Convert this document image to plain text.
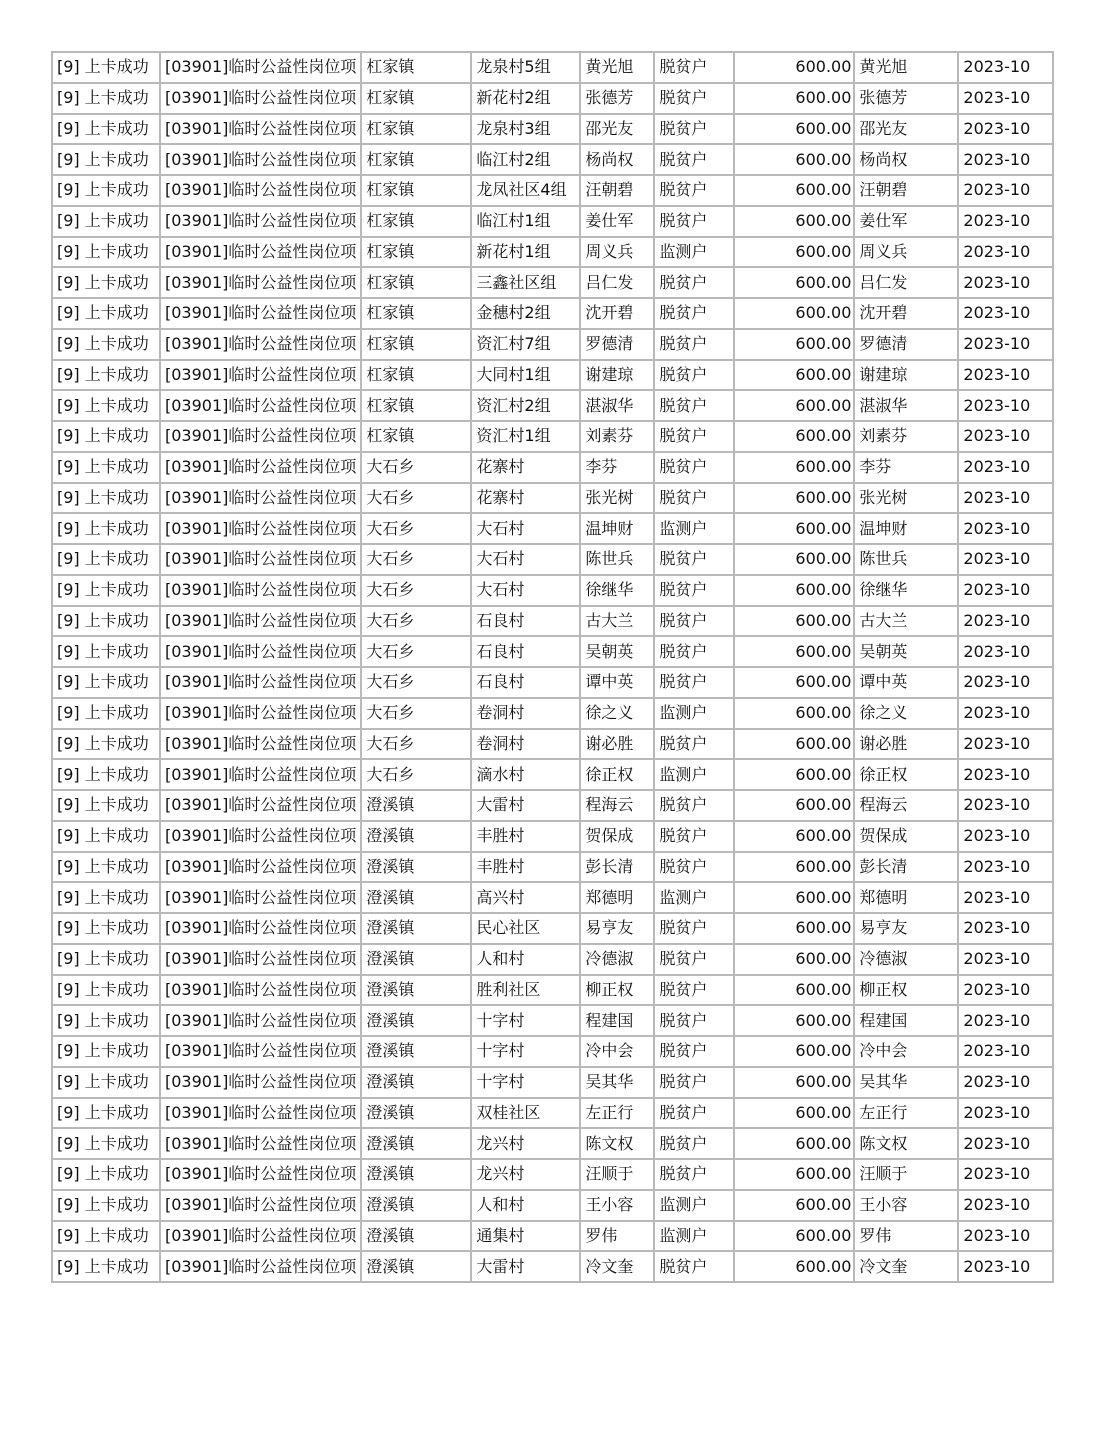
[9] 上卡成功	[03901]临时公益性岗位项	杠家镇	龙泉村5组	黄光旭	脱贫户	600.00	黄光旭	2023-10
[9] 上卡成功	[03901]临时公益性岗位项	杠家镇	新花村2组	张德芳	脱贫户	600.00	张德芳	2023-10
[9] 上卡成功	[03901]临时公益性岗位项	杠家镇	龙泉村3组	邵光友	脱贫户	600.00	邵光友	2023-10
[9] 上卡成功	[03901]临时公益性岗位项	杠家镇	临江村2组	杨尚权	脱贫户	600.00	杨尚权	2023-10
[9] 上卡成功	[03901]临时公益性岗位项	杠家镇	龙凤社区4组	汪朝碧	脱贫户	600.00	汪朝碧	2023-10
[9] 上卡成功	[03901]临时公益性岗位项	杠家镇	临江村1组	姜仕军	脱贫户	600.00	姜仕军	2023-10
[9] 上卡成功	[03901]临时公益性岗位项	杠家镇	新花村1组	周义兵	监测户	600.00	周义兵	2023-10
[9] 上卡成功	[03901]临时公益性岗位项	杠家镇	三鑫社区组	吕仁发	脱贫户	600.00	吕仁发	2023-10
[9] 上卡成功	[03901]临时公益性岗位项	杠家镇	金穗村2组	沈开碧	脱贫户	600.00	沈开碧	2023-10
[9] 上卡成功	[03901]临时公益性岗位项	杠家镇	资汇村7组	罗德清	脱贫户	600.00	罗德清	2023-10
[9] 上卡成功	[03901]临时公益性岗位项	杠家镇	大同村1组	谢建琼	脱贫户	600.00	谢建琼	2023-10
[9] 上卡成功	[03901]临时公益性岗位项	杠家镇	资汇村2组	湛淑华	脱贫户	600.00	湛淑华	2023-10
[9] 上卡成功	[03901]临时公益性岗位项	杠家镇	资汇村1组	刘素芬	脱贫户	600.00	刘素芬	2023-10
[9] 上卡成功	[03901]临时公益性岗位项	大石乡	花寨村	李芬	脱贫户	600.00	李芬	2023-10
[9] 上卡成功	[03901]临时公益性岗位项	大石乡	花寨村	张光树	脱贫户	600.00	张光树	2023-10
[9] 上卡成功	[03901]临时公益性岗位项	大石乡	大石村	温坤财	监测户	600.00	温坤财	2023-10
[9] 上卡成功	[03901]临时公益性岗位项	大石乡	大石村	陈世兵	脱贫户	600.00	陈世兵	2023-10
[9] 上卡成功	[03901]临时公益性岗位项	大石乡	大石村	徐继华	脱贫户	600.00	徐继华	2023-10
[9] 上卡成功	[03901]临时公益性岗位项	大石乡	石良村	古大兰	脱贫户	600.00	古大兰	2023-10
[9] 上卡成功	[03901]临时公益性岗位项	大石乡	石良村	吴朝英	脱贫户	600.00	吴朝英	2023-10
[9] 上卡成功	[03901]临时公益性岗位项	大石乡	石良村	谭中英	脱贫户	600.00	谭中英	2023-10
[9] 上卡成功	[03901]临时公益性岗位项	大石乡	卷洞村	徐之义	监测户	600.00	徐之义	2023-10
[9] 上卡成功	[03901]临时公益性岗位项	大石乡	卷洞村	谢必胜	脱贫户	600.00	谢必胜	2023-10
[9] 上卡成功	[03901]临时公益性岗位项	大石乡	滴水村	徐正权	监测户	600.00	徐正权	2023-10
[9] 上卡成功	[03901]临时公益性岗位项	澄溪镇	大雷村	程海云	脱贫户	600.00	程海云	2023-10
[9] 上卡成功	[03901]临时公益性岗位项	澄溪镇	丰胜村	贺保成	脱贫户	600.00	贺保成	2023-10
[9] 上卡成功	[03901]临时公益性岗位项	澄溪镇	丰胜村	彭长清	脱贫户	600.00	彭长清	2023-10
[9] 上卡成功	[03901]临时公益性岗位项	澄溪镇	高兴村	郑德明	监测户	600.00	郑德明	2023-10
[9] 上卡成功	[03901]临时公益性岗位项	澄溪镇	民心社区	易亨友	脱贫户	600.00	易亨友	2023-10
[9] 上卡成功	[03901]临时公益性岗位项	澄溪镇	人和村	冷德淑	脱贫户	600.00	冷德淑	2023-10
[9] 上卡成功	[03901]临时公益性岗位项	澄溪镇	胜利社区	柳正权	脱贫户	600.00	柳正权	2023-10
[9] 上卡成功	[03901]临时公益性岗位项	澄溪镇	十字村	程建国	脱贫户	600.00	程建国	2023-10
[9] 上卡成功	[03901]临时公益性岗位项	澄溪镇	十字村	冷中会	脱贫户	600.00	冷中会	2023-10
[9] 上卡成功	[03901]临时公益性岗位项	澄溪镇	十字村	吴其华	脱贫户	600.00	吴其华	2023-10
[9] 上卡成功	[03901]临时公益性岗位项	澄溪镇	双桂社区	左正行	脱贫户	600.00	左正行	2023-10
[9] 上卡成功	[03901]临时公益性岗位项	澄溪镇	龙兴村	陈文权	脱贫户	600.00	陈文权	2023-10
[9] 上卡成功	[03901]临时公益性岗位项	澄溪镇	龙兴村	汪顺于	脱贫户	600.00	汪顺于	2023-10
[9] 上卡成功	[03901]临时公益性岗位项	澄溪镇	人和村	王小容	监测户	600.00	王小容	2023-10
[9] 上卡成功	[03901]临时公益性岗位项	澄溪镇	通集村	罗伟	监测户	600.00	罗伟	2023-10
[9] 上卡成功	[03901]临时公益性岗位项	澄溪镇	大雷村	冷文奎	脱贫户	600.00	冷文奎	2023-10
